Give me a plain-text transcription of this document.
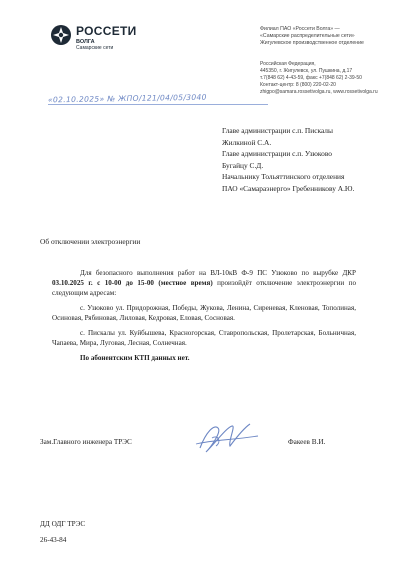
РОССЕТИ
ВОЛГА
Самарские сети
Филиал ПАО «Россети Волга» —
«Самарские распределительные сети»
Жигулевское производственное отделение
Российская Федерация,
445350, г. Жигулевск, ул. Пушкина, д.17
т.7(848 62) 4-43-59, факс +7(848 62) 2-39-50
Контакт-центр: 8 (800) 220-02-20
zhigpo@samara.rossetivolga.ru, www.rossetivolga.ru
«02.10.2025» № ЖПО/121/04/05/3040
Главе администрации с.п. Пискалы
Жилкиной С.А.
Главе администрации с.п. Узюково
Бугайцу С.Д.
Начальнику Тольяттинского отделения
ПАО «Самараэнерго» Гребенникову А.Ю.
Об отключении электроэнергии

Для безопасного выполнения работ на ВЛ-10кВ Ф-9 ПС Узюково по вырубке ДКР 03.10.2025 г. с 10-00 до 15-00 (местное время) произойдёт отключение электроэнергии по следующим адресам:

с. Узюково ул. Придорожная, Победы, Жукова, Ленина, Сиреневая, Кленовая, Тополиная, Осиновая, Рябиновая, Лиловая, Кедровая, Еловая, Сосновая.

с. Пискалы ул. Куйбышева, Красногорская, Ставропольская, Пролетарская, Больничная, Чапаева, Мира, Луговая, Лесная, Солнечная.

По абонентским КТП данных нет.

Зам.Главного инженера ТРЭС	Факеев В.И.
ДД ОДГ ТРЭС
26-43-84
